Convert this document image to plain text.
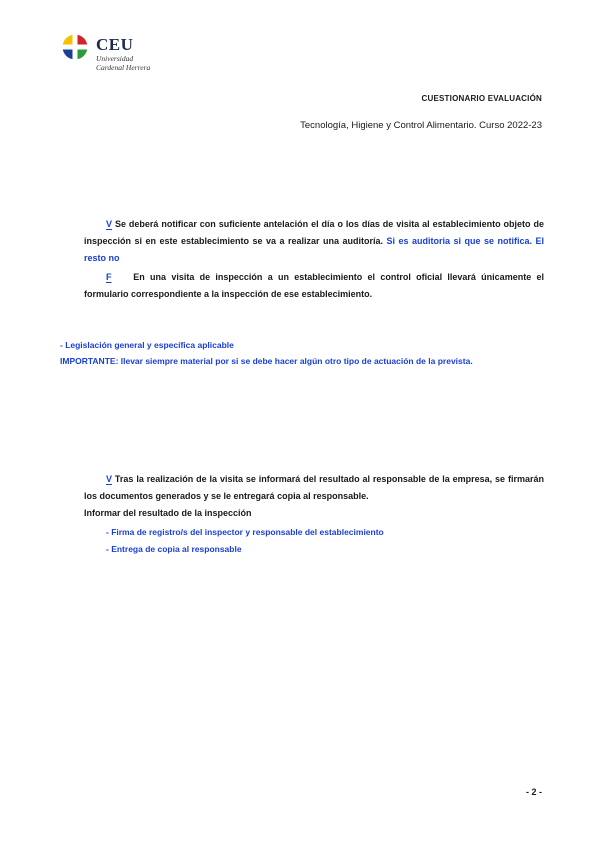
CEU
Universidad
Cardenal Herrera
CUESTIONARIO EVALUACIÓN
Tecnología, Higiene y Control Alimentario. Curso 2022-23
V Se deberá notificar con suficiente antelación el día o los días de visita al establecimiento objeto de inspección si en este establecimiento se va a realizar una auditoría. Si es auditoria si que se notifica. El resto no
F En una visita de inspección a un establecimiento el control oficial llevará únicamente el formulario correspondiente a la inspección de ese establecimiento.
- Legislación general y específica aplicable
IMPORTANTE: llevar siempre material por si se debe hacer algún otro tipo de actuación de la prevista.
V Tras la realización de la visita se informará del resultado al responsable de la empresa, se firmarán los documentos generados y se le entregará copia al responsable.
Informar del resultado de la inspección
- Firma de registro/s del inspector y responsable del establecimiento
- Entrega de copia al responsable
- 2 -
